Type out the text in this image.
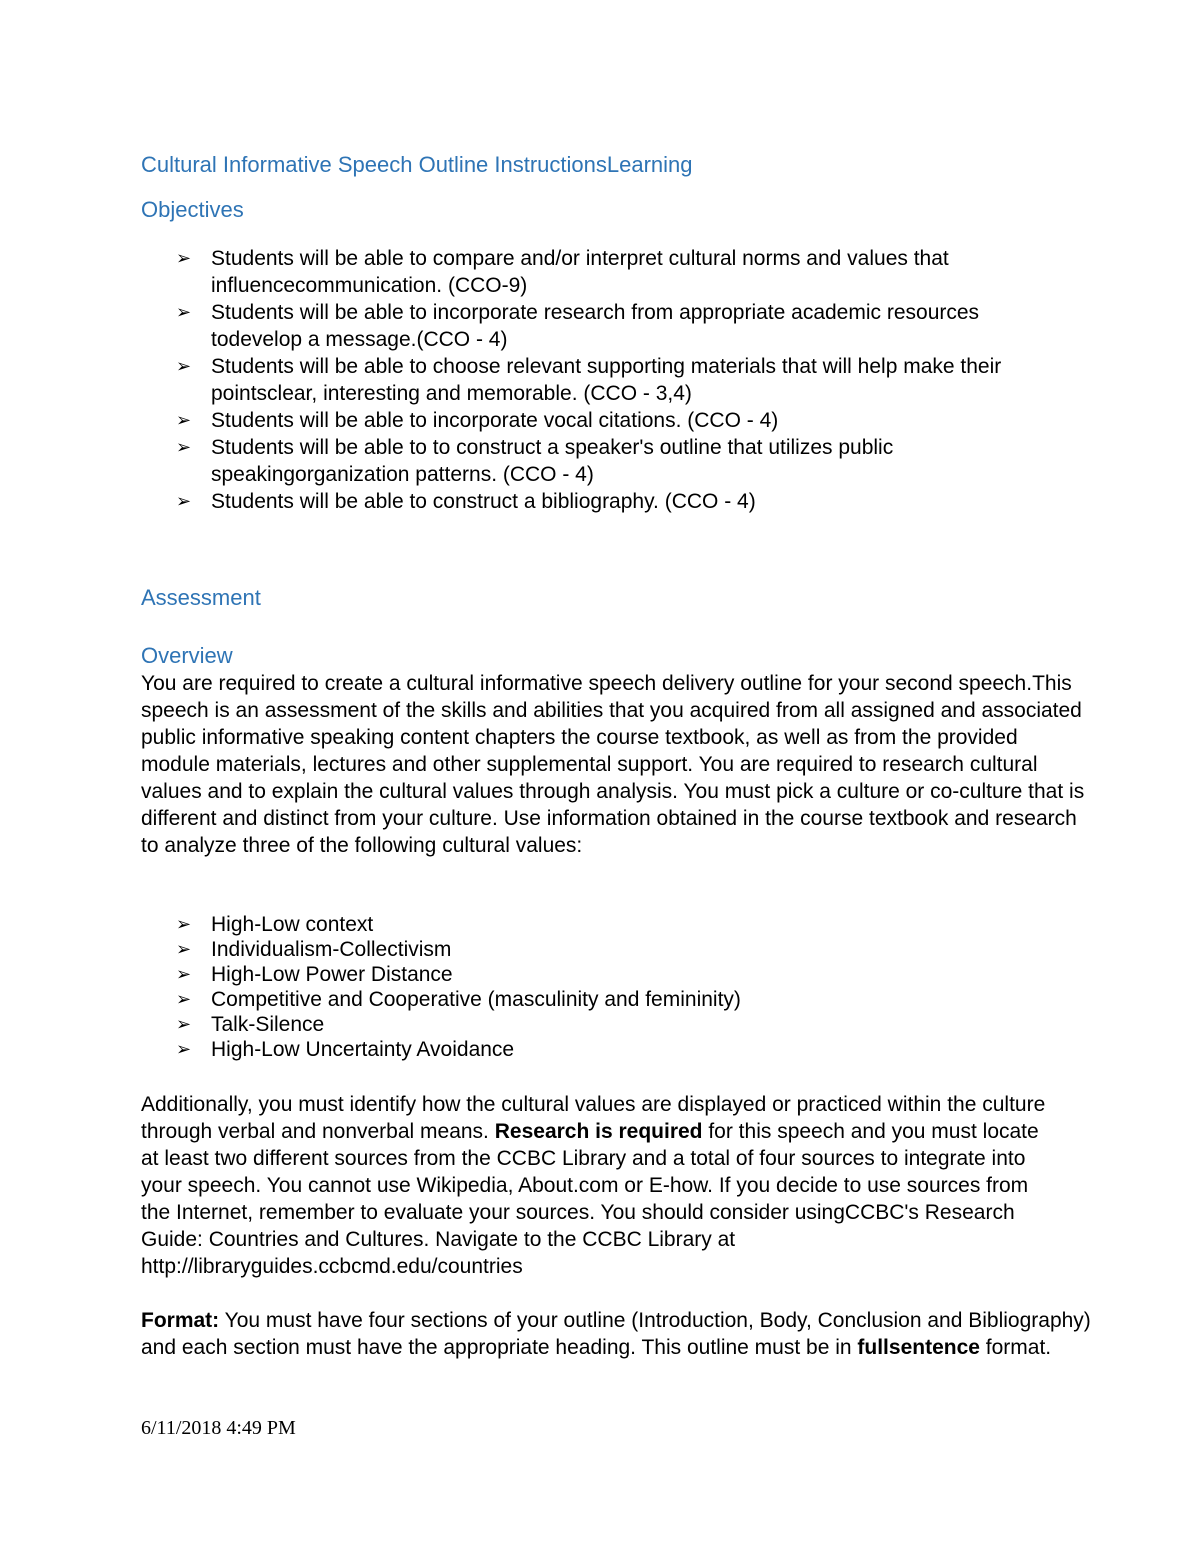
Cultural Informative Speech Outline InstructionsLearning
Objectives
➢ Students will be able to compare and/or interpret cultural norms and values that influencecommunication. (CCO-9)
➢ Students will be able to incorporate research from appropriate academic resources todevelop a message.(CCO - 4)
➢ Students will be able to choose relevant supporting materials that will help make their pointsclear, interesting and memorable. (CCO - 3,4)
➢ Students will be able to incorporate vocal citations. (CCO - 4)
➢ Students will be able to to construct a speaker's outline that utilizes public speakingorganization patterns. (CCO - 4)
➢ Students will be able to construct a bibliography. (CCO - 4)
Assessment
Overview

You are required to create a cultural informative speech delivery outline for your second speech.This speech is an assessment of the skills and abilities that you acquired from all assigned and associated public informative speaking content chapters the course textbook, as well as from the provided module materials, lectures and other supplemental support. You are required to research cultural values and to explain the cultural values through analysis. You must pick a culture or co-culture that is different and distinct from your culture. Use information obtained in the course textbook and research to analyze three of the following cultural values:

➢ High-Low context
➢ Individualism-Collectivism
➢ High-Low Power Distance
➢ Competitive and Cooperative (masculinity and femininity)
➢ Talk-Silence
➢ High-Low Uncertainty Avoidance

Additionally, you must identify how the cultural values are displayed or practiced within the culture through verbal and nonverbal means. Research is required for this speech and you must locate at least two different sources from the CCBC Library and a total of four sources to integrate into your speech. You cannot use Wikipedia, About.com or E-how. If you decide to use sources from the Internet, remember to evaluate your sources. You should consider usingCCBC's Research Guide: Countries and Cultures. Navigate to the CCBC Library at http://libraryguides.ccbcmd.edu/countries

Format: You must have four sections of your outline (Introduction, Body, Conclusion and Bibliography) and each section must have the appropriate heading. This outline must be in fullsentence format.

6/11/2018 4:49 PM
